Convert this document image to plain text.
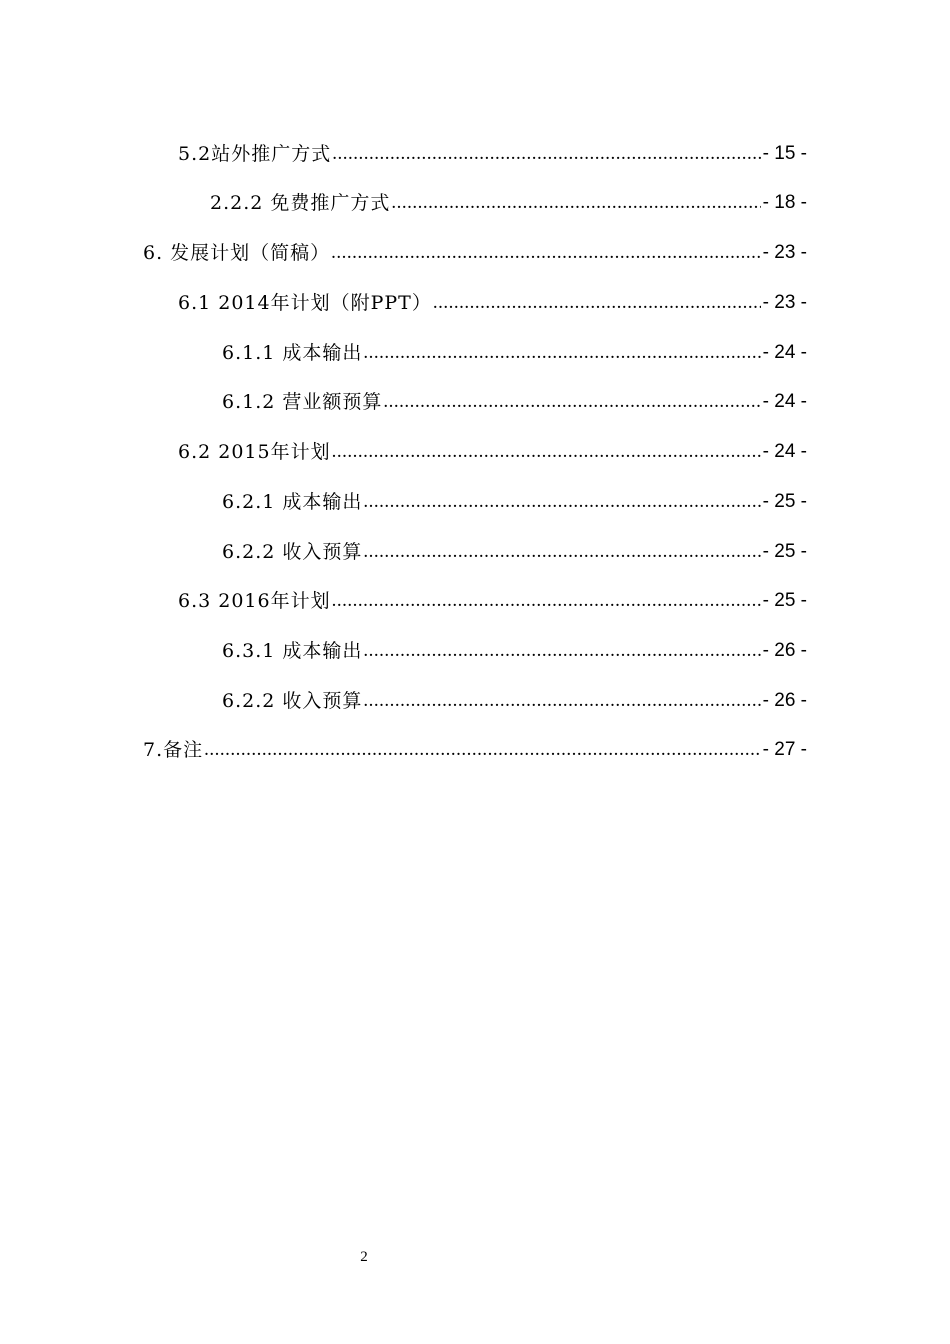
5.2站外推广方式 .....	- 15 -
2.2.2 免费推广方式 .....	- 18 -
6. 发展计划（简稿） .....	- 23 -
6.1 2014年计划（附PPT） .....	- 23 -
6.1.1 成本输出 .....	- 24 -
6.1.2 营业额预算 .....	- 24 -
6.2 2015年计划 .....	- 24 -
6.2.1 成本输出 .....	- 25 -
6.2.2 收入预算 .....	- 25 -
6.3 2016年计划 .....	- 25 -
6.3.1 成本输出 .....	- 26 -
6.2.2 收入预算 .....	- 26 -
7.备注 .....	- 27 -
2
